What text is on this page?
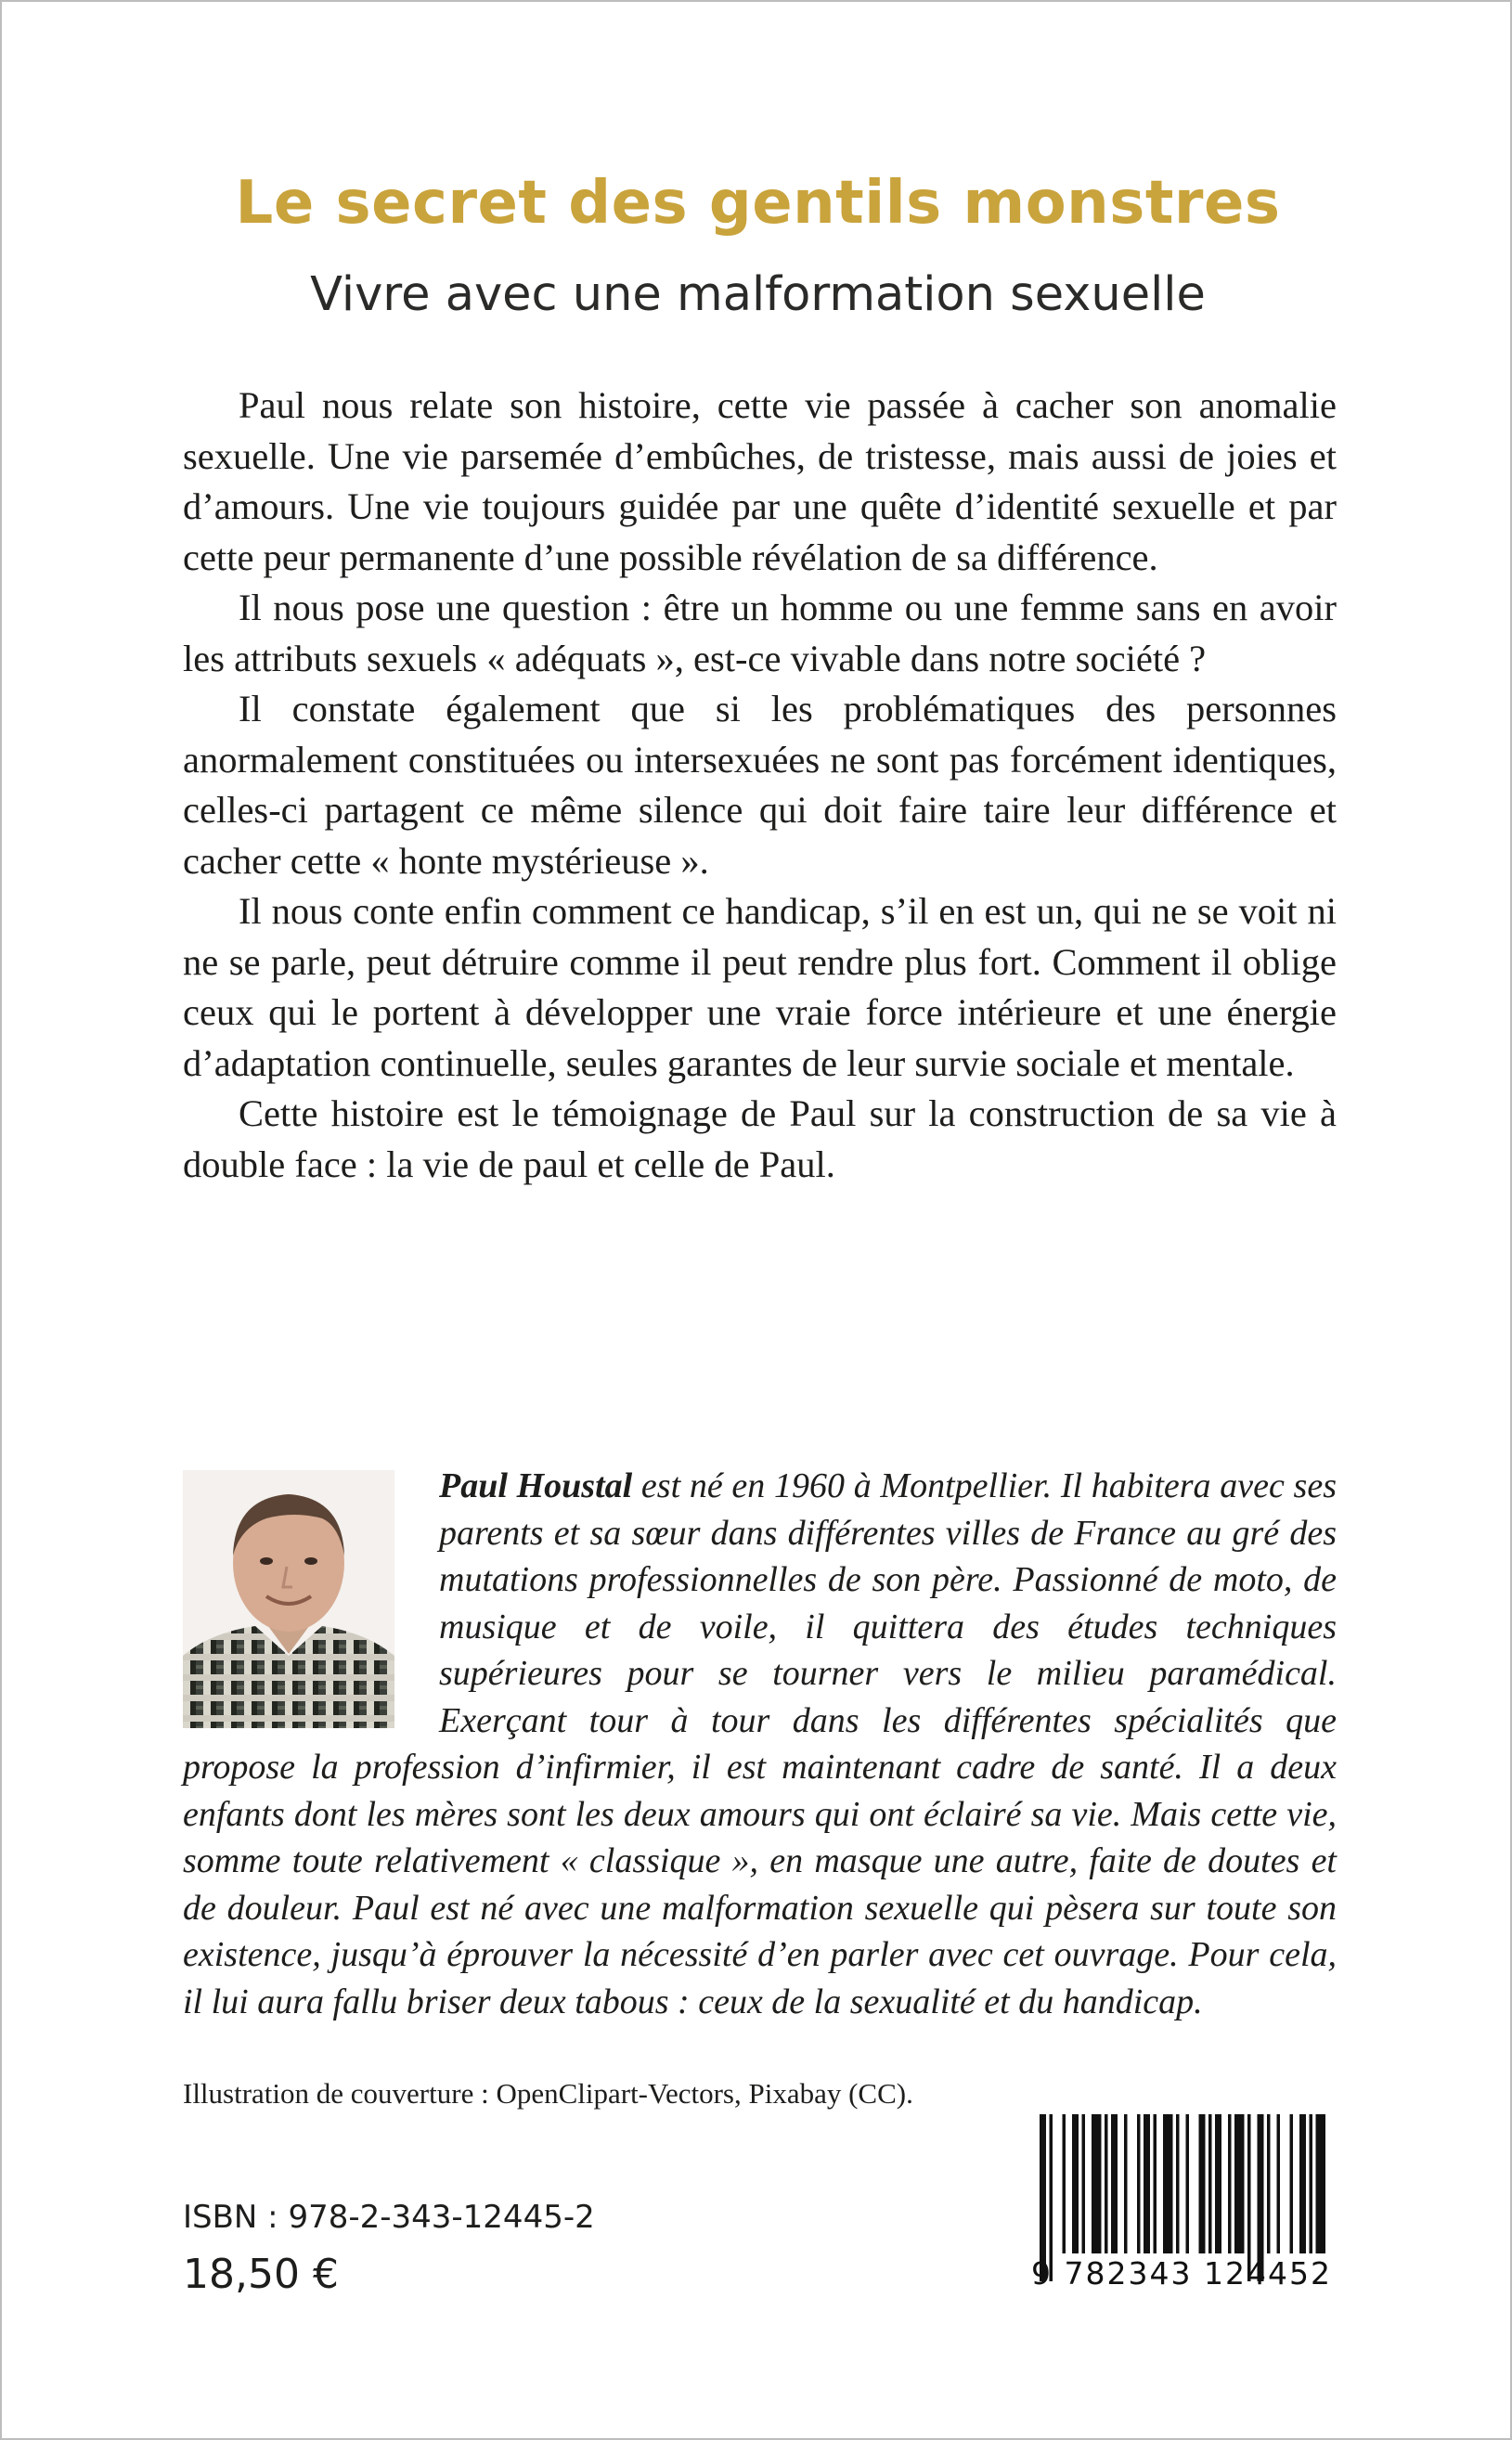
Le secret des gentils monstres
Vivre avec une malformation sexuelle

Paul nous relate son histoire, cette vie passée à cacher son anomalie sexuelle. Une vie parsemée d’embûches, de tristesse, mais aussi de joies et d’amours. Une vie toujours guidée par une quête d’identité sexuelle et par cette peur permanente d’une possible révélation de sa différence.

Il nous pose une question : être un homme ou une femme sans en avoir les attributs sexuels « adéquats », est-ce vivable dans notre société ?

Il constate également que si les problématiques des personnes anormalement constituées ou intersexuées ne sont pas forcément identiques, celles-ci partagent ce même silence qui doit faire taire leur différence et cacher cette « honte mystérieuse ».

Il nous conte enfin comment ce handicap, s’il en est un, qui ne se voit ni ne se parle, peut détruire comme il peut rendre plus fort. Comment il oblige ceux qui le portent à développer une vraie force intérieure et une énergie d’adaptation continuelle, seules garantes de leur survie sociale et mentale.

Cette histoire est le témoignage de Paul sur la construction de sa vie à double face : la vie de paul et celle de Paul.

Paul Houstal est né en 1960 à Montpellier. Il habitera avec ses parents et sa sœur dans différentes villes de France au gré des mutations professionnelles de son père. Passionné de moto, de musique et de voile, il quittera des études techniques supérieures pour se tourner vers le milieu paramédical. Exerçant tour à tour dans les différentes spécialités que propose la profession d’infirmier, il est maintenant cadre de santé. Il a deux enfants dont les mères sont les deux amours qui ont éclairé sa vie. Mais cette vie, somme toute relativement « classique », en masque une autre, faite de doutes et de douleur. Paul est né avec une malformation sexuelle qui pèsera sur toute son existence, jusqu’à éprouver la nécessité d’en parler avec cet ouvrage. Pour cela, il lui aura fallu briser deux tabous : ceux de la sexualité et du handicap.

Illustration de couverture : OpenClipart-Vectors, Pixabay (CC).
9 782343 124452
ISBN : 978-2-343-12445-2
18,50 €
